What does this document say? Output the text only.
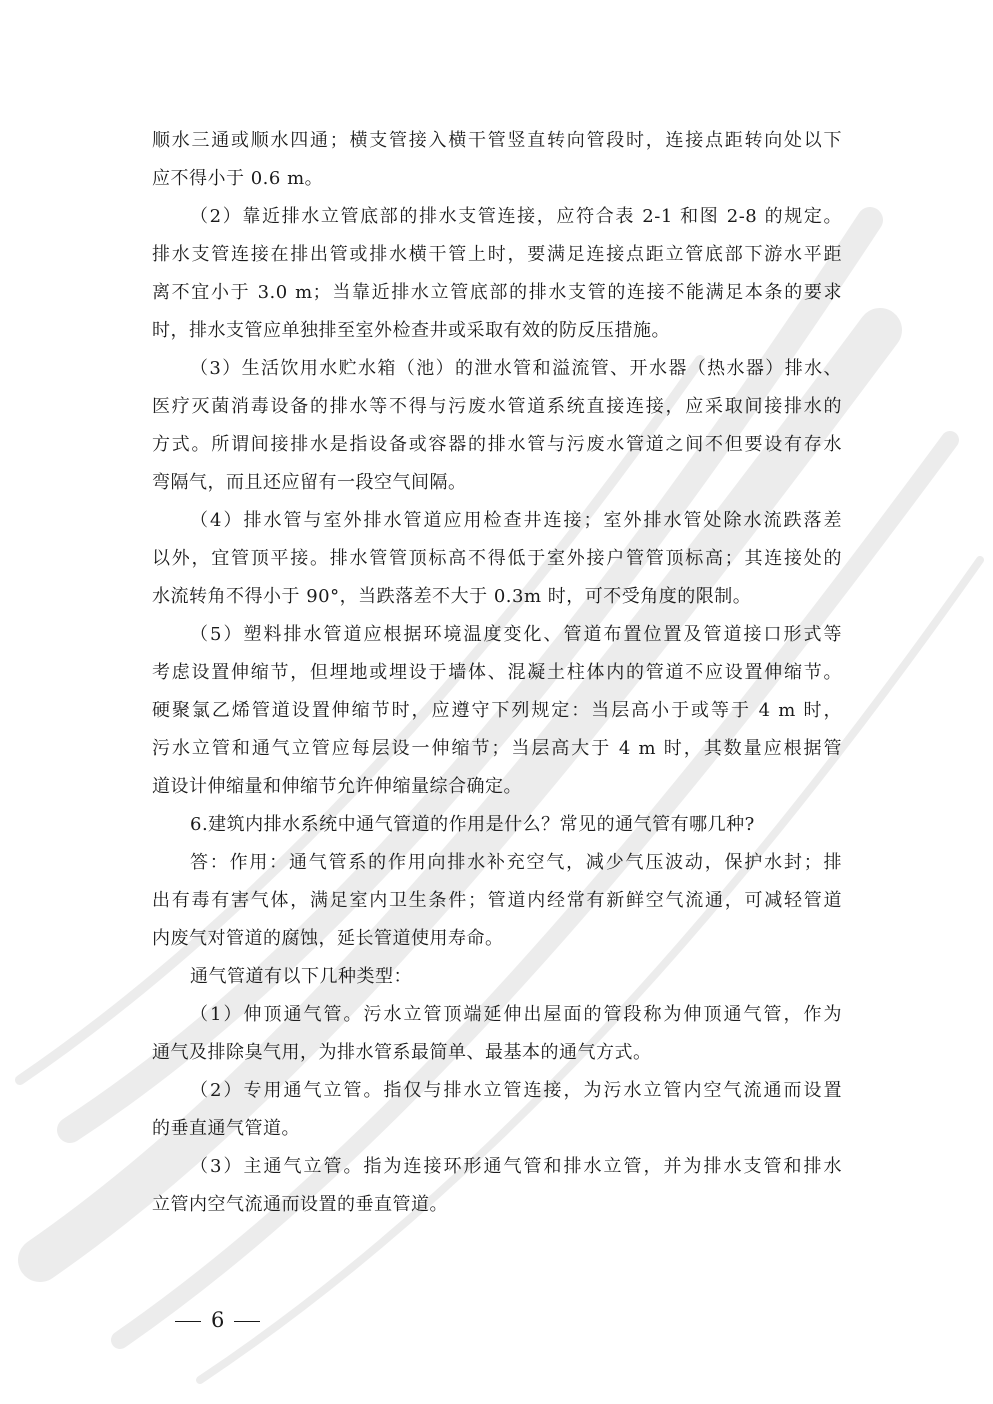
顺水三通或顺水四通；横支管接入横干管竖直转向管段时，连接点距转向处以下
应不得小于 0.6 m。
（2）靠近排水立管底部的排水支管连接，应符合表 2-1 和图 2-8 的规定。
排水支管连接在排出管或排水横干管上时，要满足连接点距立管底部下游水平距
离不宜小于 3.0 m；当靠近排水立管底部的排水支管的连接不能满足本条的要求
时，排水支管应单独排至室外检查井或采取有效的防反压措施。
（3）生活饮用水贮水箱（池）的泄水管和溢流管、开水器（热水器）排水、
医疗灭菌消毒设备的排水等不得与污废水管道系统直接连接，应采取间接排水的
方式。所谓间接排水是指设备或容器的排水管与污废水管道之间不但要设有存水
弯隔气，而且还应留有一段空气间隔。
（4）排水管与室外排水管道应用检查井连接；室外排水管处除水流跌落差
以外，宜管顶平接。排水管管顶标高不得低于室外接户管管顶标高；其连接处的
水流转角不得小于 90°，当跌落差不大于 0.3m 时，可不受角度的限制。
（5）塑料排水管道应根据环境温度变化、管道布置位置及管道接口形式等
考虑设置伸缩节，但埋地或埋设于墙体、混凝土柱体内的管道不应设置伸缩节。
硬聚氯乙烯管道设置伸缩节时，应遵守下列规定：当层高小于或等于 4 m 时，
污水立管和通气立管应每层设一伸缩节；当层高大于 4 m 时，其数量应根据管
道设计伸缩量和伸缩节允许伸缩量综合确定。
6.建筑内排水系统中通气管道的作用是什么？常见的通气管有哪几种?
答：作用：通气管系的作用向排水补充空气，减少气压波动，保护水封；排
出有毒有害气体，满足室内卫生条件；管道内经常有新鲜空气流通，可减轻管道
内废气对管道的腐蚀，延长管道使用寿命。
通气管道有以下几种类型：
（1）伸顶通气管。污水立管顶端延伸出屋面的管段称为伸顶通气管，作为
通气及排除臭气用，为排水管系最简单、最基本的通气方式。
（2）专用通气立管。指仅与排水立管连接，为污水立管内空气流通而设置
的垂直通气管道。
（3）主通气立管。指为连接环形通气管和排水立管，并为排水支管和排水
立管内空气流通而设置的垂直管道。
6
